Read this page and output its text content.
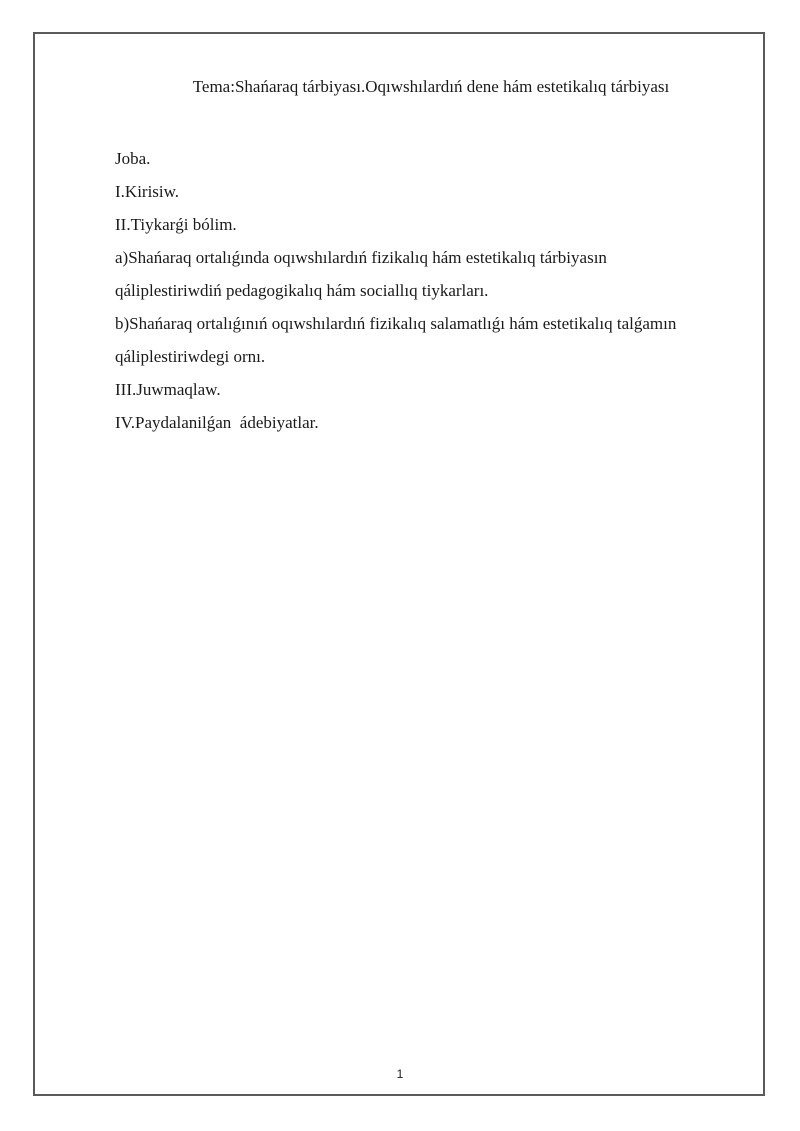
Tema:Shańaraq tárbiyası.Oqıwshılardıń dene hám estetikalıq tárbiyası

Joba.

I.Kirisiw.

II.Tiykarǵi bólim.

a)Shańaraq ortalıǵında oqıwshılardıń fizikalıq hám estetikalıq tárbiyasın

qáliplestiriwdiń pedagogikalıq hám sociallıq tiykarları.

b)Shańaraq ortalıǵınıń oqıwshılardıń fizikalıq salamatlıǵı hám estetikalıq talǵamın

qáliplestiriwdegi ornı.

III.Juwmaqlaw.

IV.Paydalanilǵan  ádebiyatlar.

1
